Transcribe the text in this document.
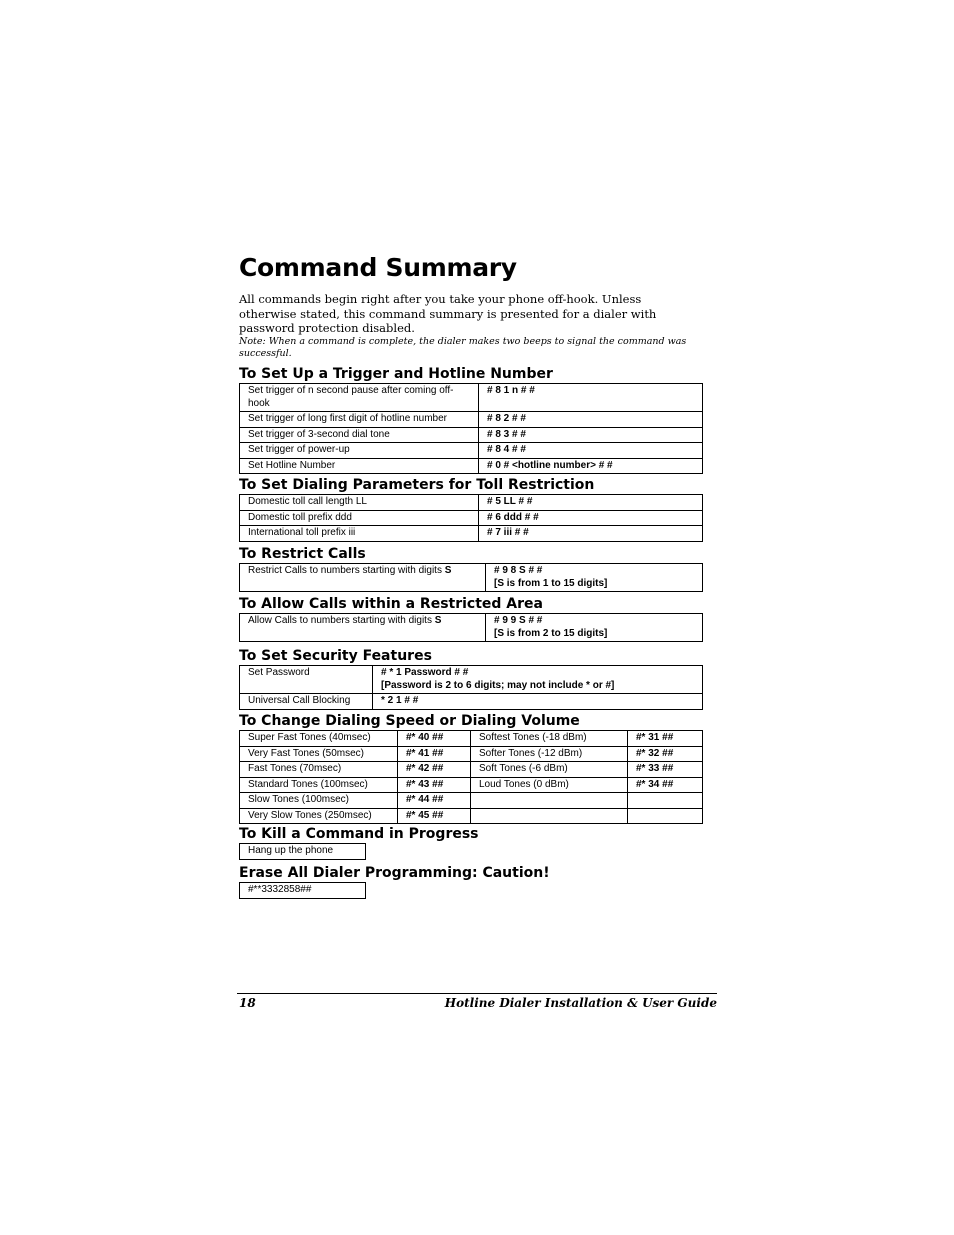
Command Summary
All commands begin right after you take your phone off-hook. Unless otherwise stated, this command summary is presented for a dialer with password protection disabled.
Note: When a command is complete, the dialer makes two beeps to signal the command was successful.
To Set Up a Trigger and Hotline Number
Set trigger of n second pause after coming off-hook	# 8 1 n # #
Set trigger of long first digit of hotline number	# 8 2 # #
Set trigger of 3-second dial tone	# 8 3 # #
Set trigger of power-up	# 8 4 # #
Set Hotline Number	# 0 # <hotline number> # #
To Set Dialing Parameters for Toll Restriction
Domestic toll call length LL	# 5 LL # #
Domestic toll prefix ddd	# 6 ddd # #
International toll prefix iii	# 7 iii # #
To Restrict Calls
Restrict Calls to numbers starting with digits S	# 9 8 S # #
[S is from 1 to 15 digits]
To Allow Calls within a Restricted Area
Allow Calls to numbers starting with digits S	# 9 9 S # #
[S is from 2 to 15 digits]
To Set Security Features
Set Password	# * 1 Password # #
[Password is 2 to 6 digits; may not include * or #]

Universal Call Blocking	* 2 1 # #
To Change Dialing Speed or Dialing Volume
Super Fast Tones (40msec)	#* 40 ##	Softest Tones (-18 dBm)	#* 31 ##
Very Fast Tones (50msec)	#* 41 ##	Softer Tones (-12 dBm)	#* 32 ##
Fast Tones (70msec)	#* 42 ##	Soft Tones (-6 dBm)	#* 33 ##
Standard Tones (100msec)	#* 43 ##	Loud Tones (0 dBm)	#* 34 ##
Slow Tones (100msec)	#* 44 ##		
Very Slow Tones (250msec)	#* 45 ##		
To Kill a Command in Progress
Hang up the phone
Erase All Dialer Programming: Caution!
#**3332858##
18	Hotline Dialer Installation & User Guide
